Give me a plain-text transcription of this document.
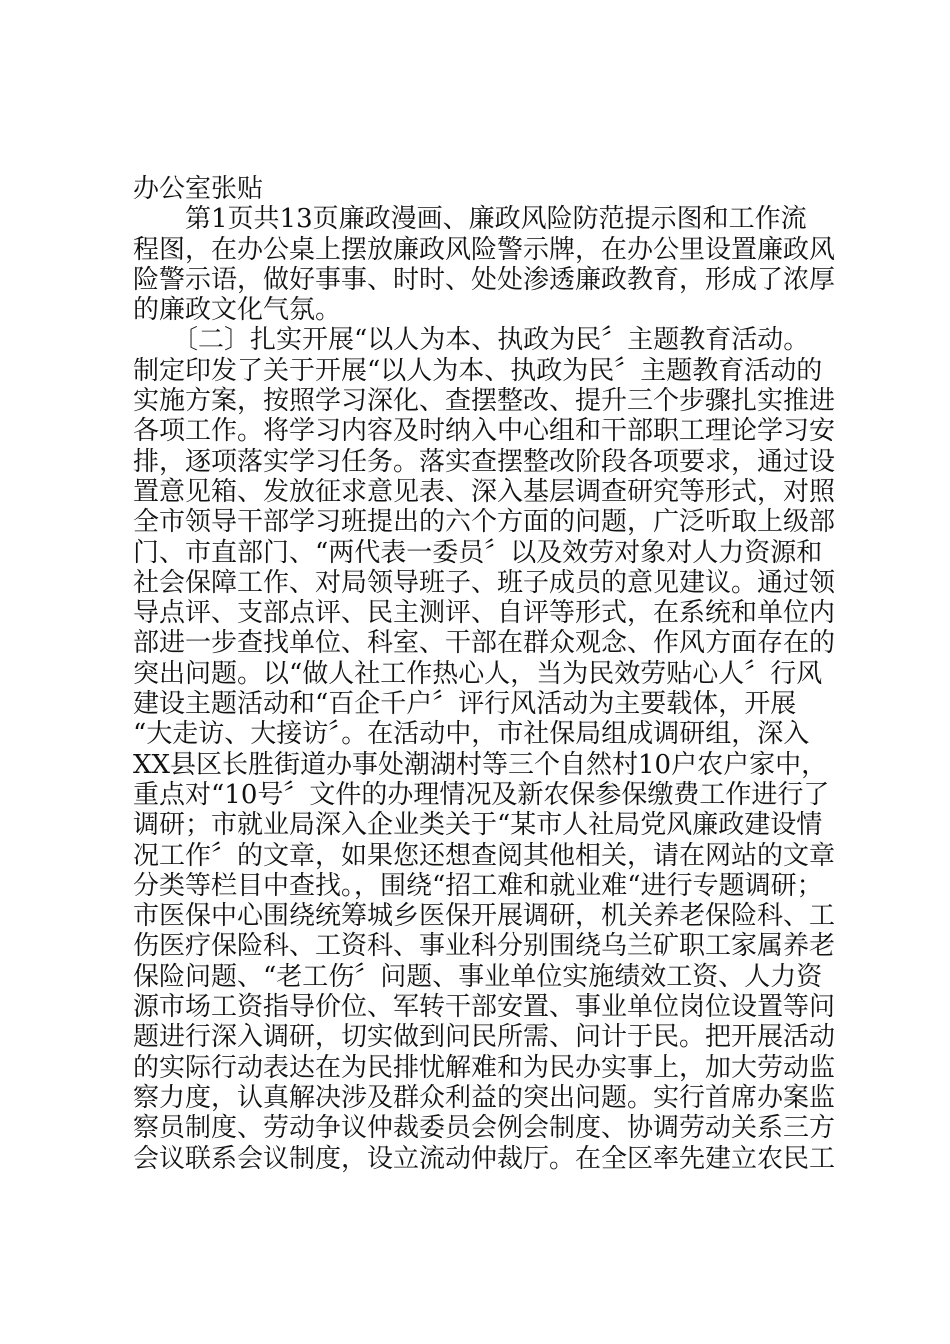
办公室张贴
　　第1页共13页廉政漫画、廉政风险防范提示图和工作流
程图，在办公桌上摆放廉政风险警示牌，在办公里设置廉政风
险警示语，做好事事、时时、处处渗透廉政教育，形成了浓厚
的廉政文化气氛。
　　〔二〕扎实开展“以人为本、执政为民〞主题教育活动。
制定印发了关于开展“以人为本、执政为民〞主题教育活动的
实施方案，按照学习深化、查摆整改、提升三个步骤扎实推进
各项工作。将学习内容及时纳入中心组和干部职工理论学习安
排，逐项落实学习任务。落实查摆整改阶段各项要求，通过设
置意见箱、发放征求意见表、深入基层调查研究等形式，对照
全市领导干部学习班提出的六个方面的问题，广泛听取上级部
门、市直部门、“两代表一委员〞以及效劳对象对人力资源和
社会保障工作、对局领导班子、班子成员的意见建议。通过领
导点评、支部点评、民主测评、自评等形式，在系统和单位内
部进一步查找单位、科室、干部在群众观念、作风方面存在的
突出问题。以“做人社工作热心人，当为民效劳贴心人〞行风
建设主题活动和“百企千户〞评行风活动为主要载体，开展
“大走访、大接访〞。在活动中，市社保局组成调研组，深入
XX县区长胜街道办事处潮湖村等三个自然村10户农户家中，
重点对“10号〞文件的办理情况及新农保参保缴费工作进行了
调研；市就业局深入企业类关于“某市人社局党风廉政建设情
况工作〞的文章，如果您还想查阅其他相关，请在网站的文章
分类等栏目中查找。，围绕“招工难和就业难“进行专题调研；
市医保中心围绕统筹城乡医保开展调研，机关养老保险科、工
伤医疗保险科、工资科、事业科分别围绕乌兰矿职工家属养老
保险问题、“老工伤〞问题、事业单位实施绩效工资、人力资
源市场工资指导价位、军转干部安置、事业单位岗位设置等问
题进行深入调研，切实做到问民所需、问计于民。把开展活动
的实际行动表达在为民排忧解难和为民办实事上，加大劳动监
察力度，认真解决涉及群众利益的突出问题。实行首席办案监
察员制度、劳动争议仲裁委员会例会制度、协调劳动关系三方
会议联系会议制度，设立流动仲裁厅。在全区率先建立农民工
